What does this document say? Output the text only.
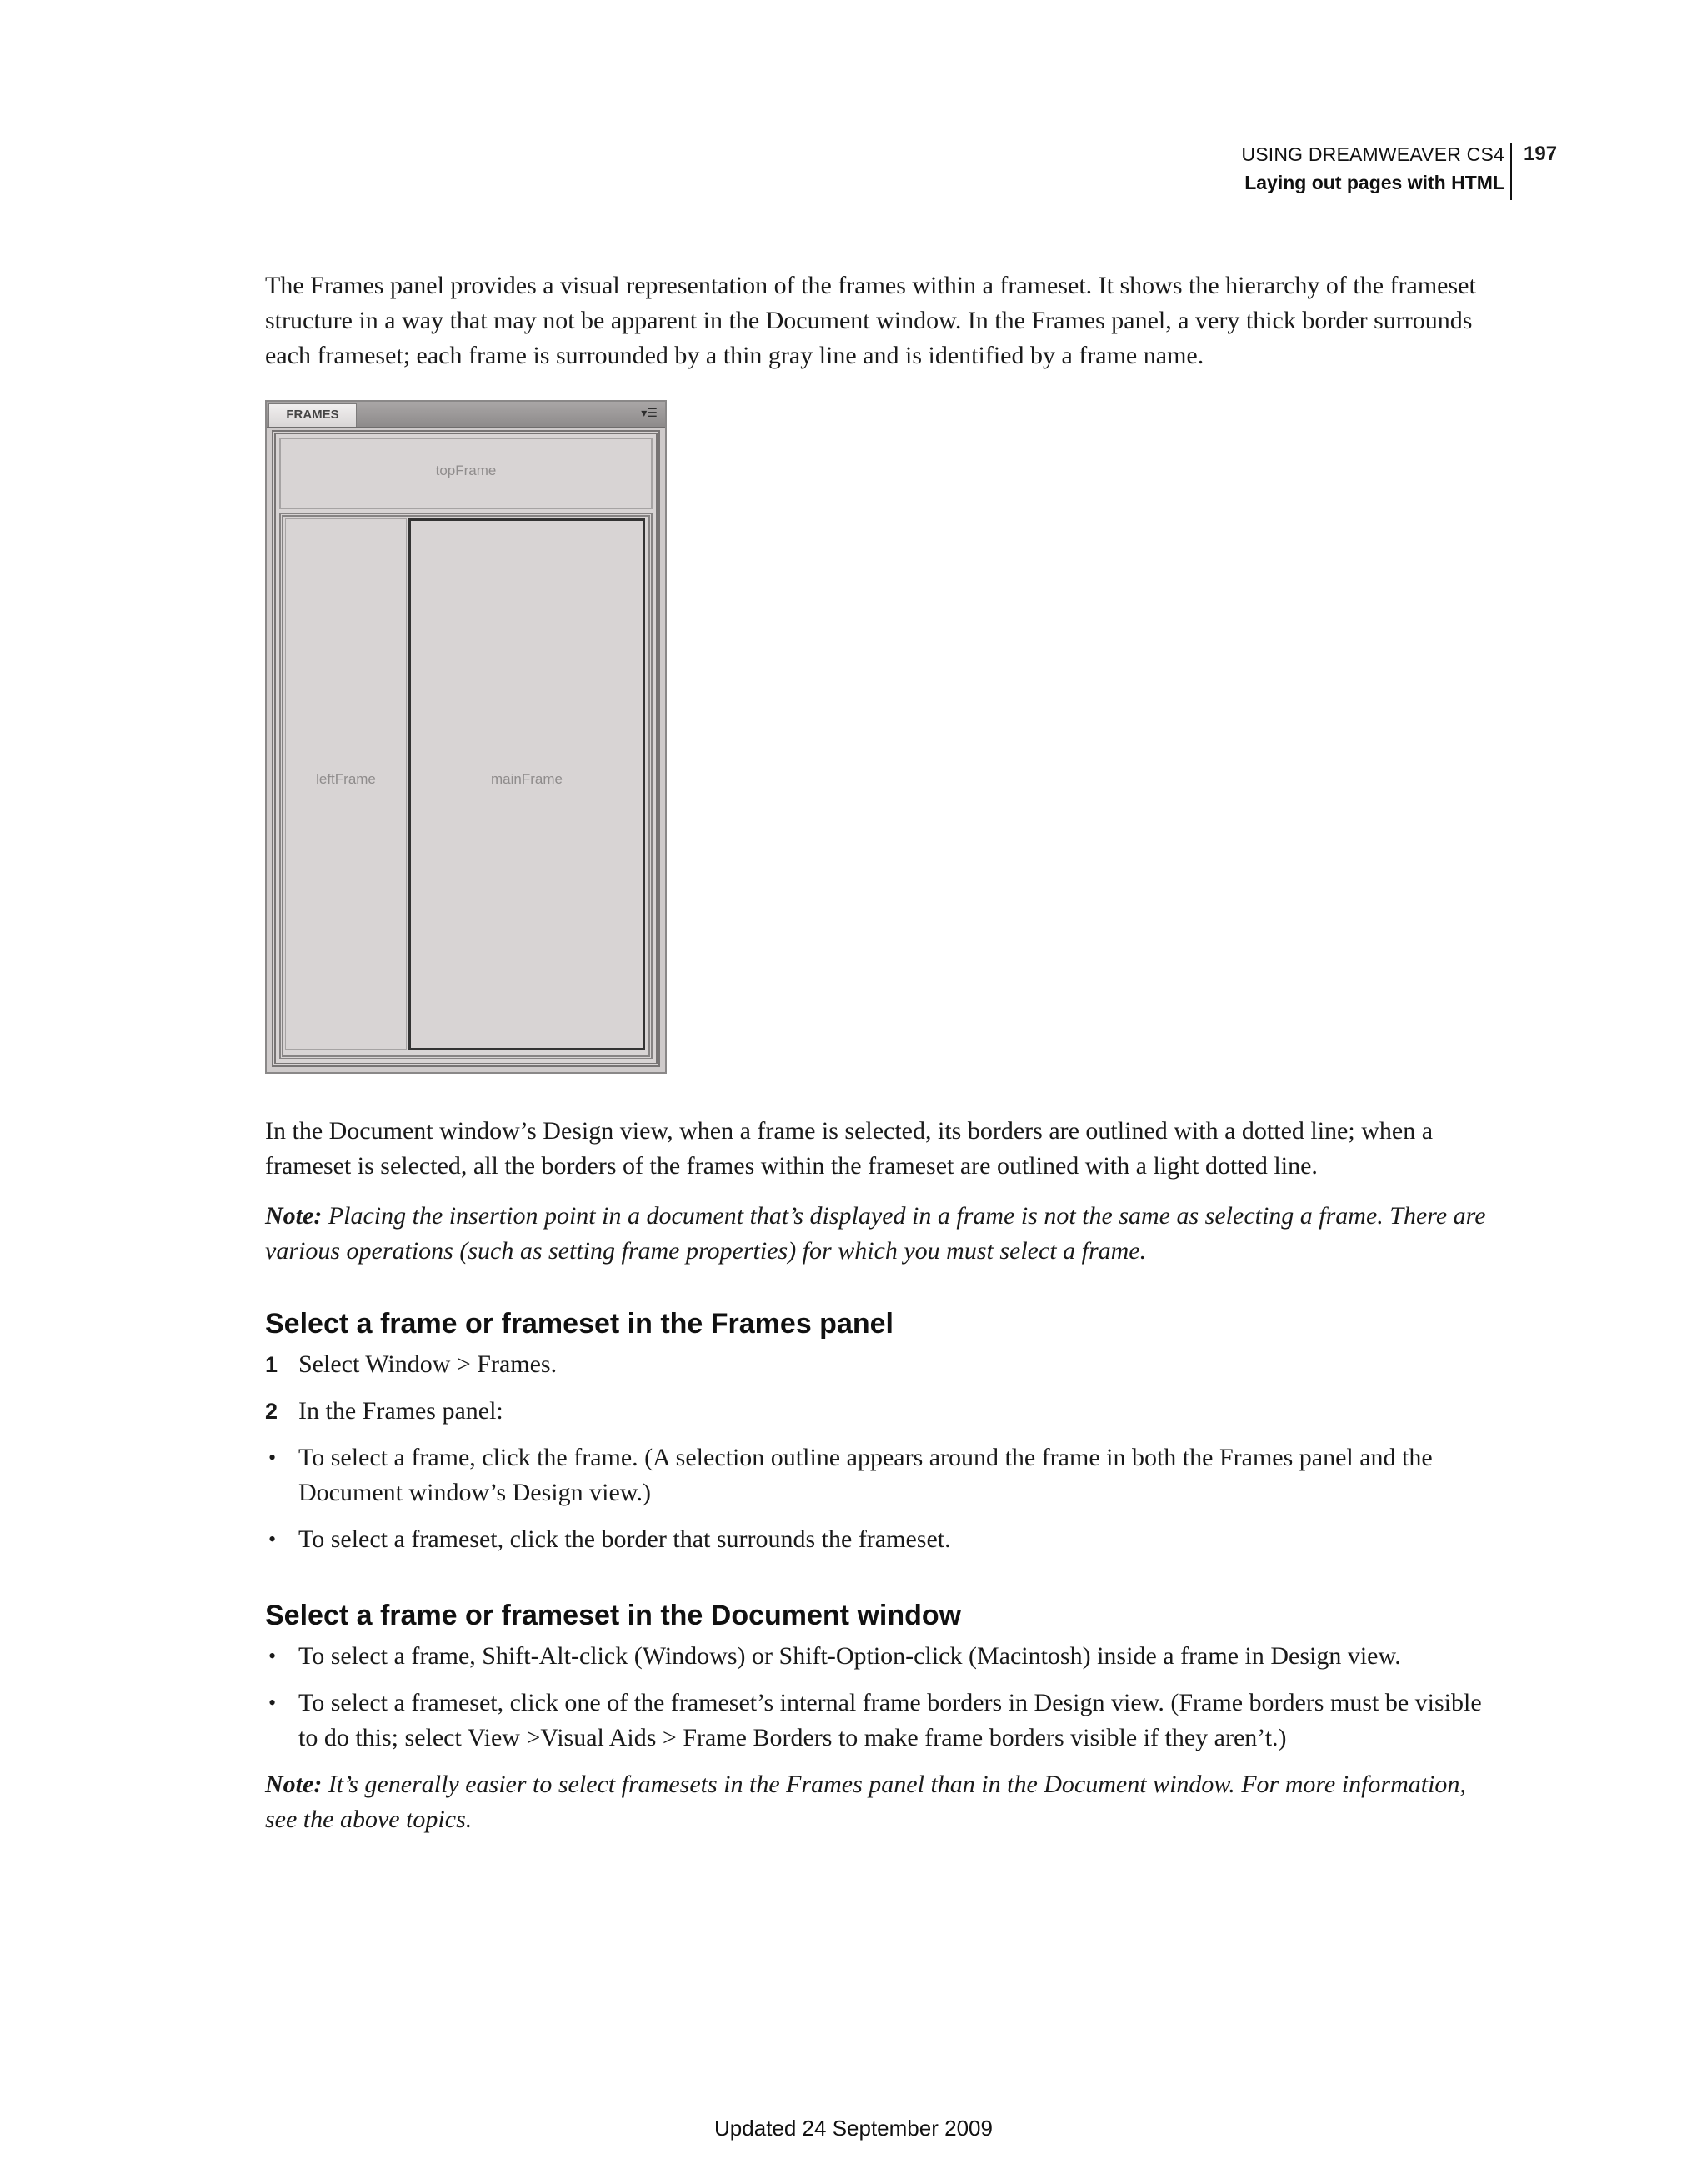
USING DREAMWEAVER CS4
Laying out pages with HTML
197

The Frames panel provides a visual representation of the frames within a frameset. It shows the hierarchy of the frameset structure in a way that may not be apparent in the Document window. In the Frames panel, a very thick border surrounds each frameset; each frame is surrounded by a thin gray line and is identified by a frame name.

FRAMES	▾☰
topFrame
leftFrame	mainFrame

In the Document window’s Design view, when a frame is selected, its borders are outlined with a dotted line; when a frameset is selected, all the borders of the frames within the frameset are outlined with a light dotted line.

Note: Placing the insertion point in a document that’s displayed in a frame is not the same as selecting a frame. There are various operations (such as setting frame properties) for which you must select a frame.

Select a frame or frameset in the Frames panel
1 Select Window > Frames.
2 In the Frames panel:
• To select a frame, click the frame. (A selection outline appears around the frame in both the Frames panel and the Document window’s Design view.)
• To select a frameset, click the border that surrounds the frameset.
Select a frame or frameset in the Document window
• To select a frame, Shift-Alt-click (Windows) or Shift-Option-click (Macintosh) inside a frame in Design view.
• To select a frameset, click one of the frameset’s internal frame borders in Design view. (Frame borders must be visible to do this; select View >Visual Aids > Frame Borders to make frame borders visible if they aren’t.)

Note: It’s generally easier to select framesets in the Frames panel than in the Document window. For more information, see the above topics.

Updated 24 September 2009
